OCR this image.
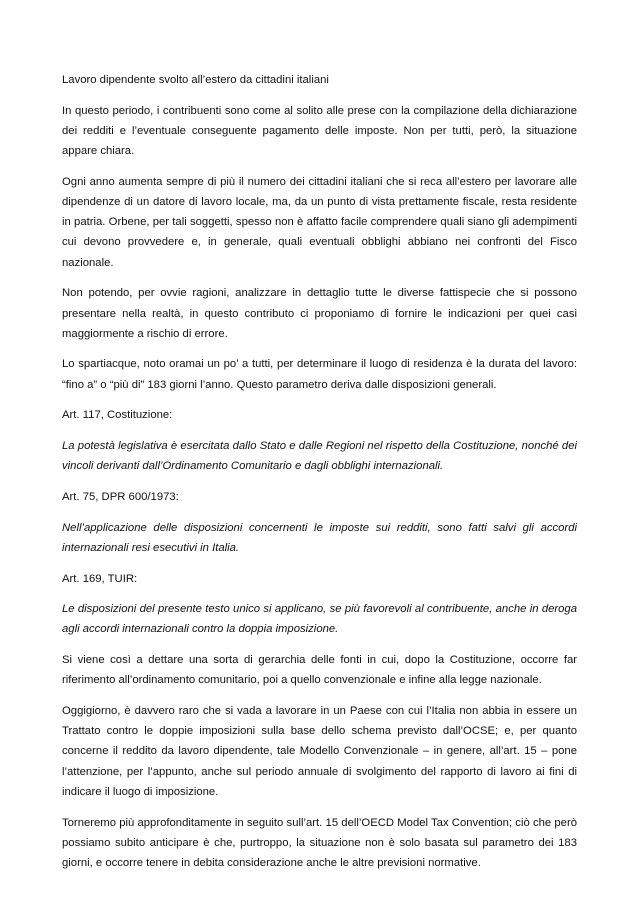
Lavoro dipendente svolto all’estero da cittadini italiani

In questo periodo, i contribuenti sono come al solito alle prese con la compilazione della dichiarazione dei redditi e l’eventuale conseguente pagamento delle imposte. Non per tutti, però, la situazione appare chiara.

Ogni anno aumenta sempre di più il numero dei cittadini italiani che si reca all’estero per lavorare alle dipendenze di un datore di lavoro locale, ma, da un punto di vista prettamente fiscale, resta residente in patria. Orbene, per tali soggetti, spesso non è affatto facile comprendere quali siano gli adempimenti cui devono provvedere e, in generale, quali eventuali obblighi abbiano nei confronti del Fisco nazionale.

Non potendo, per ovvie ragioni, analizzare in dettaglio tutte le diverse fattispecie che si possono presentare nella realtà, in questo contributo ci proponiamo di fornire le indicazioni per quei casi maggiormente a rischio di errore.

Lo spartiacque, noto oramai un po’ a tutti, per determinare il luogo di residenza è la durata del lavoro: “fino a” o “più di” 183 giorni l’anno. Questo parametro deriva dalle disposizioni generali.

Art. 117, Costituzione:

La potestà legislativa è esercitata dallo Stato e dalle Regioni nel rispetto della Costituzione, nonché dei vincoli derivanti dall’Ordinamento Comunitario e dagli obblighi internazionali.

Art. 75, DPR 600/1973:

Nell’applicazione delle disposizioni concernenti le imposte sui redditi, sono fatti salvi gli accordi internazionali resi esecutivi in Italia.

Art. 169, TUIR:

Le disposizioni del presente testo unico si applicano, se più favorevoli al contribuente, anche in deroga agli accordi internazionali contro la doppia imposizione.

Si viene così a dettare una sorta di gerarchia delle fonti in cui, dopo la Costituzione, occorre far riferimento all’ordinamento comunitario, poi a quello convenzionale e infine alla legge nazionale.

Oggigiorno, è davvero raro che si vada a lavorare in un Paese con cui l’Italia non abbia in essere un Trattato contro le doppie imposizioni sulla base dello schema previsto dall’OCSE; e, per quanto concerne il reddito da lavoro dipendente, tale Modello Convenzionale – in genere, all’art. 15 – pone l’attenzione, per l’appunto, anche sul periodo annuale di svolgimento del rapporto di lavoro ai fini di indicare il luogo di imposizione.

Torneremo più approfonditamente in seguito sull’art. 15 dell’OECD Model Tax Convention; ciò che però possiamo subito anticipare è che, purtroppo, la situazione non è solo basata sul parametro dei 183 giorni, e occorre tenere in debita considerazione anche le altre previsioni normative.
